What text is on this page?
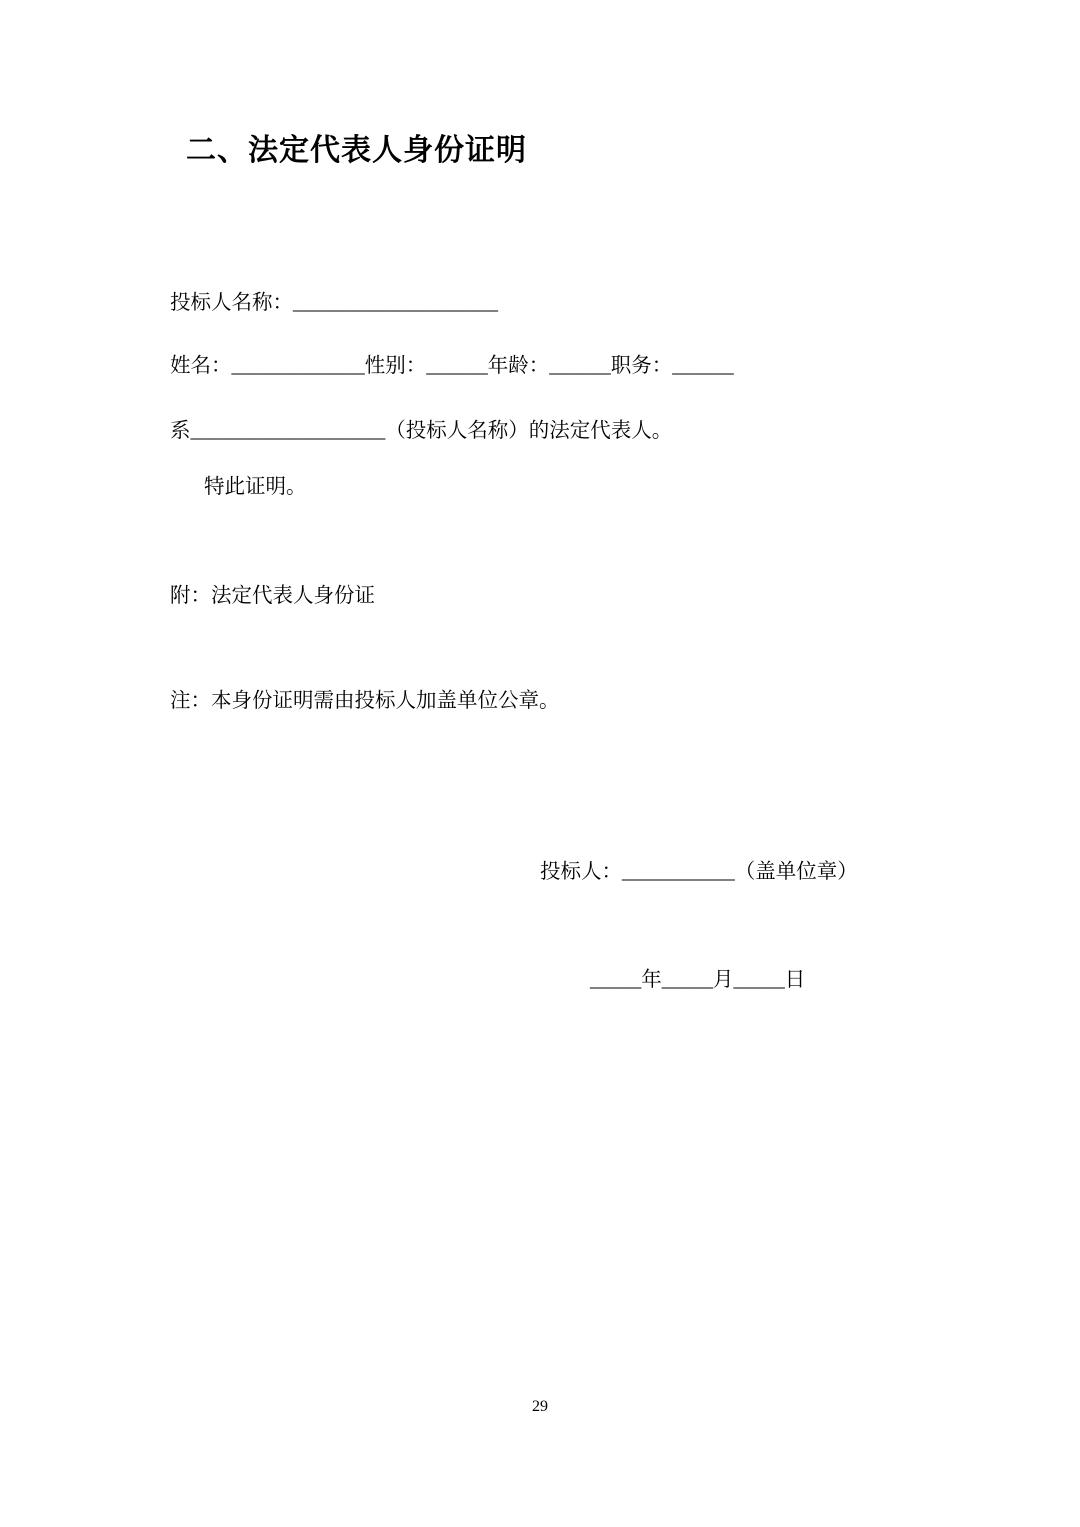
二、法定代表人身份证明

投标人名称：____________________

姓名：_____________性别：______年龄：______职务：______

系___________________（投标人名称）的法定代表人。

特此证明。

附：法定代表人身份证

注：本身份证明需由投标人加盖单位公章。

投标人：___________（盖单位章）

_____年_____月_____日

29
